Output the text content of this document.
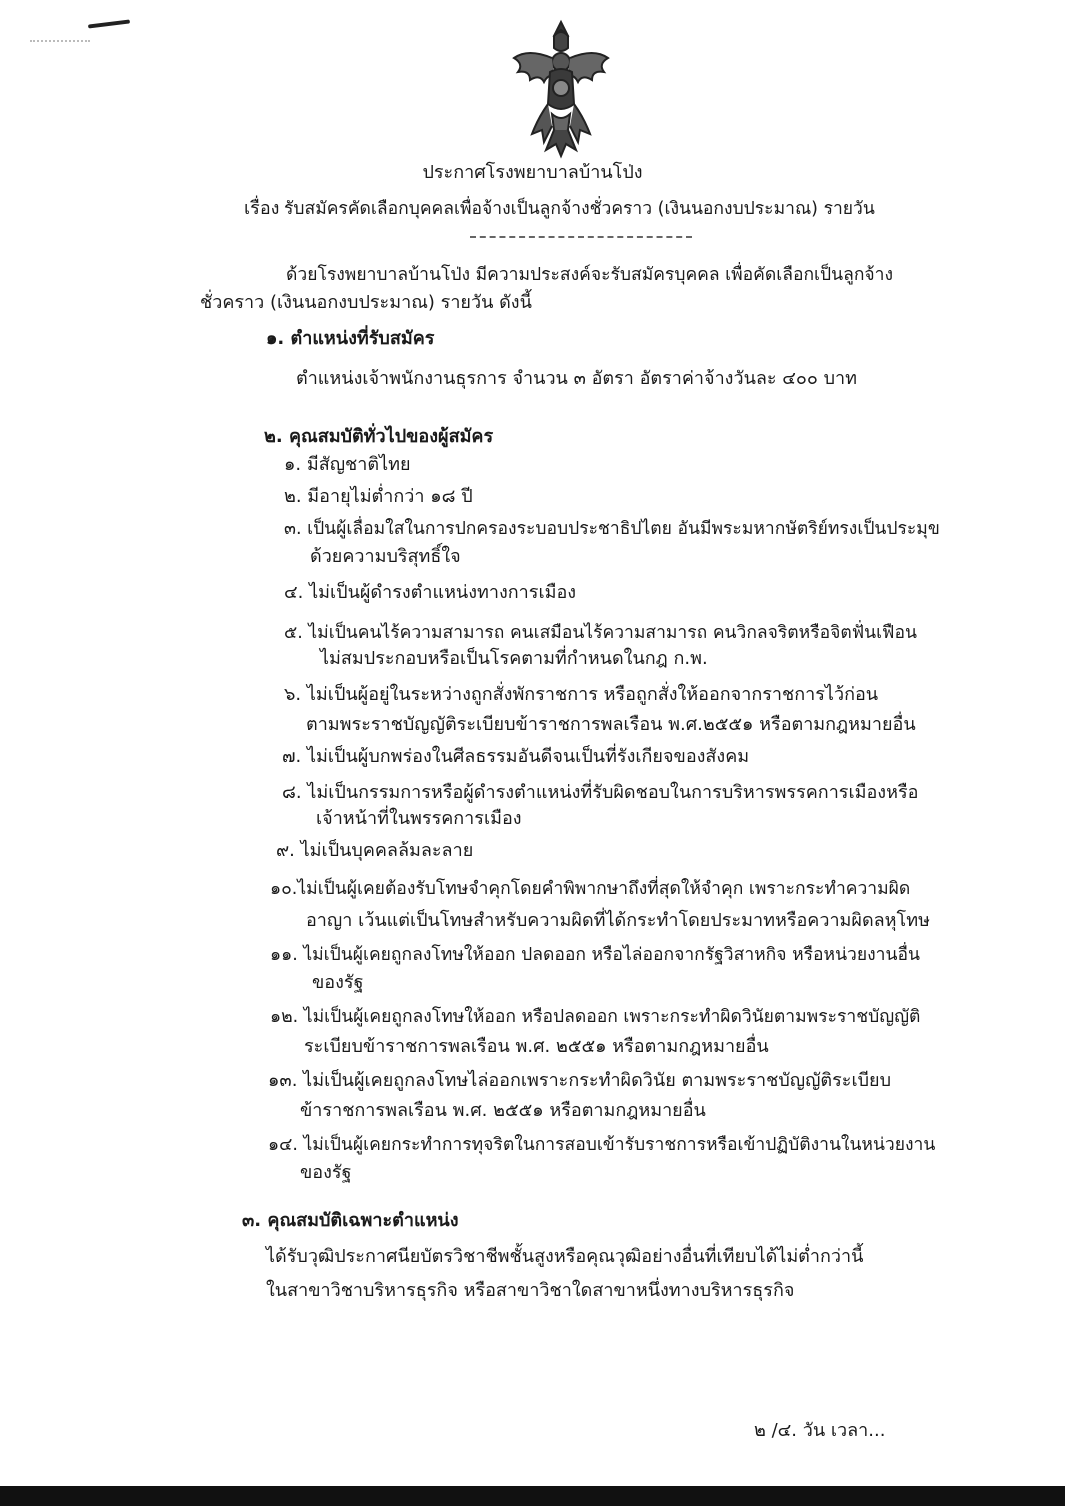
ประกาศโรงพยาบาลบ้านโป่ง
เรื่อง รับสมัครคัดเลือกบุคคลเพื่อจ้างเป็นลูกจ้างชั่วคราว (เงินนอกงบประมาณ) รายวัน
ด้วยโรงพยาบาลบ้านโป่ง มีความประสงค์จะรับสมัครบุคคล เพื่อคัดเลือกเป็นลูกจ้าง
ชั่วคราว (เงินนอกงบประมาณ) รายวัน ดังนี้
๑. ตำแหน่งที่รับสมัคร
ตำแหน่งเจ้าพนักงานธุรการ จำนวน ๓ อัตรา อัตราค่าจ้างวันละ ๔๐๐ บาท
๒. คุณสมบัติทั่วไปของผู้สมัคร
๑. มีสัญชาติไทย
๒. มีอายุไม่ต่ำกว่า ๑๘ ปี
๓. เป็นผู้เลื่อมใสในการปกครองระบอบประชาธิปไตย อันมีพระมหากษัตริย์ทรงเป็นประมุข
ด้วยความบริสุทธิ์ใจ
๔. ไม่เป็นผู้ดำรงตำแหน่งทางการเมือง
๕. ไม่เป็นคนไร้ความสามารถ คนเสมือนไร้ความสามารถ คนวิกลจริตหรือจิตฟั่นเฟือน
ไม่สมประกอบหรือเป็นโรคตามที่กำหนดในกฎ ก.พ.
๖. ไม่เป็นผู้อยู่ในระหว่างถูกสั่งพักราชการ หรือถูกสั่งให้ออกจากราชการไว้ก่อน
ตามพระราชบัญญัติระเบียบข้าราชการพลเรือน พ.ศ.๒๕๕๑ หรือตามกฎหมายอื่น
๗. ไม่เป็นผู้บกพร่องในศีลธรรมอันดีจนเป็นที่รังเกียจของสังคม
๘. ไม่เป็นกรรมการหรือผู้ดำรงตำแหน่งที่รับผิดชอบในการบริหารพรรคการเมืองหรือ
เจ้าหน้าที่ในพรรคการเมือง
๙. ไม่เป็นบุคคลล้มละลาย
๑๐.ไม่เป็นผู้เคยต้องรับโทษจำคุกโดยคำพิพากษาถึงที่สุดให้จำคุก เพราะกระทำความผิด
อาญา เว้นแต่เป็นโทษสำหรับความผิดที่ได้กระทำโดยประมาทหรือความผิดลหุโทษ
๑๑. ไม่เป็นผู้เคยถูกลงโทษให้ออก ปลดออก หรือไล่ออกจากรัฐวิสาหกิจ หรือหน่วยงานอื่น
ของรัฐ
๑๒. ไม่เป็นผู้เคยถูกลงโทษให้ออก หรือปลดออก เพราะกระทำผิดวินัยตามพระราชบัญญัติ
ระเบียบข้าราชการพลเรือน พ.ศ. ๒๕๕๑ หรือตามกฎหมายอื่น
๑๓. ไม่เป็นผู้เคยถูกลงโทษไล่ออกเพราะกระทำผิดวินัย ตามพระราชบัญญัติระเบียบ
ข้าราชการพลเรือน พ.ศ. ๒๕๕๑ หรือตามกฎหมายอื่น
๑๔. ไม่เป็นผู้เคยกระทำการทุจริตในการสอบเข้ารับราชการหรือเข้าปฏิบัติงานในหน่วยงาน
ของรัฐ
๓. คุณสมบัติเฉพาะตำแหน่ง
ได้รับวุฒิประกาศนียบัตรวิชาชีพชั้นสูงหรือคุณวุฒิอย่างอื่นที่เทียบได้ไม่ต่ำกว่านี้
ในสาขาวิชาบริหารธุรกิจ หรือสาขาวิชาใดสาขาหนึ่งทางบริหารธุรกิจ
๒ /๔. วัน เวลา...
